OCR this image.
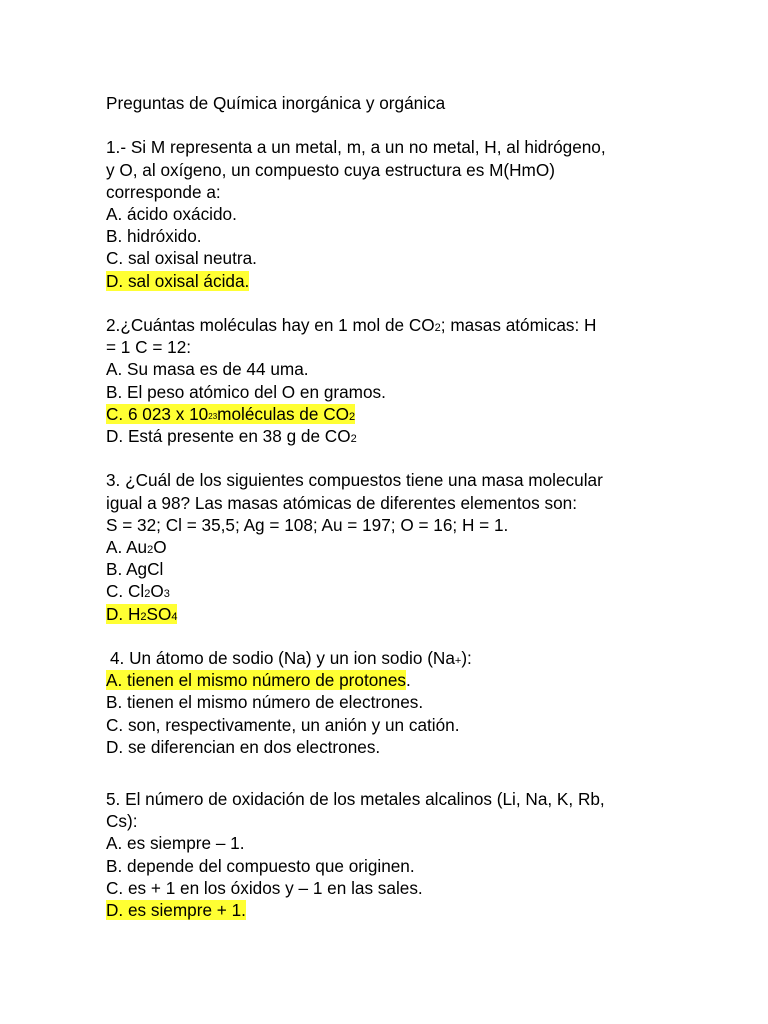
Preguntas de Química inorgánica y orgánica
1.- Si M representa a un metal, m, a un no metal, H, al hidrógeno,
y O, al oxígeno, un compuesto cuya estructura es M(HmO)
corresponde a:
A. ácido oxácido.
B. hidróxido.
C. sal oxisal neutra.
D. sal oxisal ácida.
2.¿Cuántas moléculas hay en 1 mol de CO2; masas atómicas: H
= 1 C = 12:
A. Su masa es de 44 uma.
B. El peso atómico del O en gramos.
C. 6 023 x 1023moléculas de CO2
D. Está presente en 38 g de CO2
3. ¿Cuál de los siguientes compuestos tiene una masa molecular
igual a 98? Las masas atómicas de diferentes elementos son:
S = 32; Cl = 35,5; Ag = 108; Au = 197; O = 16; H = 1.
A. Au2O
B. AgCl
C. Cl2O3
D. H2SO4
4. Un átomo de sodio (Na) y un ion sodio (Na+):
A. tienen el mismo número de protones.
B. tienen el mismo número de electrones.
C. son, respectivamente, un anión y un catión.
D. se diferencian en dos electrones.
5. El número de oxidación de los metales alcalinos (Li, Na, K, Rb,
Cs):
A. es siempre – 1.
B. depende del compuesto que originen.
C. es + 1 en los óxidos y – 1 en las sales.
D. es siempre + 1.
